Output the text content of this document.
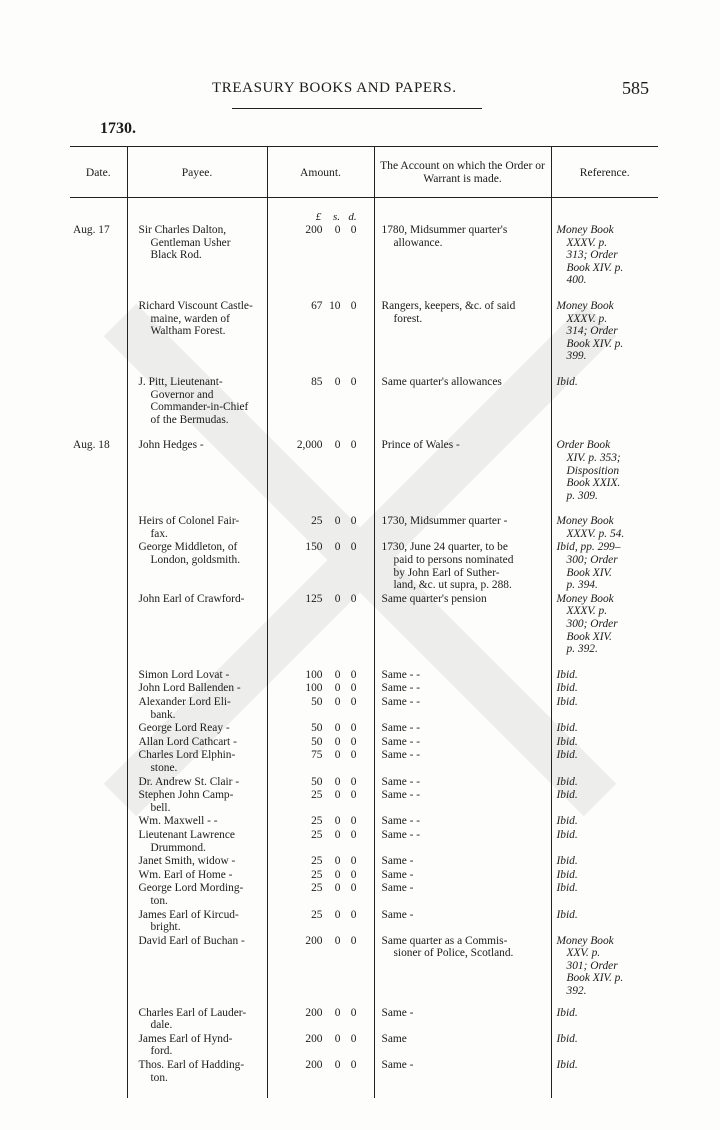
TREASURY BOOKS AND PAPERS.	585
1730.
Date.	Payee.	Amount.	The Account on which the Order or Warrant is made.	Reference.

		£ s. d.		

Aug. 17	Sir Charles Dalton,
Gentleman Usher
Black Rod.	200 0 0	1780, Midsummer quarter's
allowance.	Money Book
XXXV. p.
313; Order
Book XIV. p.
400.

	Richard Viscount Castle-
maine, warden of
Waltham Forest.	67 10 0	Rangers, keepers, &c. of said
forest.	Money Book
XXXV. p.
314; Order
Book XIV. p.
399.

	J. Pitt, Lieutenant-
Governor and
Commander-in-Chief
of the Bermudas.	85 0 0	Same quarter's allowances	Ibid.

Aug. 18	John Hedges -	2,000 0 0	Prince of Wales -	Order Book
XIV. p. 353;
Disposition
Book XXIX.
p. 309.

	Heirs of Colonel Fair-
fax.	25 0 0	1730, Midsummer quarter -	Money Book
XXXV. p. 54.

	George Middleton, of
London, goldsmith.	150 0 0	1730, June 24 quarter, to be
paid to persons nominated
by John Earl of Suther-
land, &c. ut supra, p. 288.	Ibid, pp. 299–
300; Order
Book XIV.
p. 394.

	John Earl of Crawford-	125 0 0	Same quarter's pension	Money Book
XXXV. p.
300; Order
Book XIV.
p. 392.

	Simon Lord Lovat -	100 0 0	Same - -	Ibid.

	John Lord Ballenden -	100 0 0	Same - -	Ibid.

	Alexander Lord Eli-
bank.	50 0 0	Same - -	Ibid.

	George Lord Reay -	50 0 0	Same - -	Ibid.

	Allan Lord Cathcart -	50 0 0	Same - -	Ibid.

	Charles Lord Elphin-
stone.	75 0 0	Same - -	Ibid.

	Dr. Andrew St. Clair -	50 0 0	Same - -	Ibid.

	Stephen John Camp-
bell.	25 0 0	Same - -	Ibid.

	Wm. Maxwell - -	25 0 0	Same - -	Ibid.

	Lieutenant Lawrence
Drummond.	25 0 0	Same - -	Ibid.

	Janet Smith, widow -	25 0 0	Same -	Ibid.

	Wm. Earl of Home -	25 0 0	Same -	Ibid.

	George Lord Mording-
ton.	25 0 0	Same -	Ibid.

	James Earl of Kircud-
bright.	25 0 0	Same -	Ibid.

	David Earl of Buchan -	200 0 0	Same quarter as a Commis-
sioner of Police, Scotland.	Money Book
XXV. p.
301; Order
Book XIV. p.
392.

	Charles Earl of Lauder-
dale.	200 0 0	Same -	Ibid.

	James Earl of Hynd-
ford.	200 0 0	Same	Ibid.

	Thos. Earl of Hadding-
ton.	200 0 0	Same -	Ibid.
